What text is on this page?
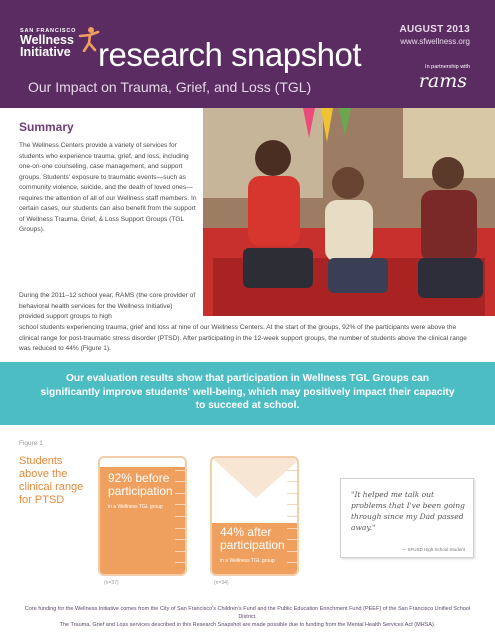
SAN FRANCISCO
Wellness
Initiative research snapshot
Our Impact on Trauma, Grief, and Loss (TGL)
AUGUST 2013
www.sfwellness.org
In partnership with
rams
Summary
The Wellness Centers provide a variety of services for students who experience trauma, grief, and loss, including one-on-one counseling, case management, and support groups. Students' exposure to traumatic events—such as community violence, suicide, and the death of loved ones—requires the attention of all of our Wellness staff members. In certain cases, our students can also benefit from the support of Wellness Trauma, Grief, & Loss Support Groups (TGL Groups).
During the 2011–12 school year, RAMS (the core provider of behavioral health services for the Wellness Initiative) provided support groups to high
school students experiencing trauma, grief and loss at nine of our Wellness Centers. At the start of the groups, 92% of the participants were above the clinical range for post-traumatic stress disorder (PTSD). After participating in the 12-week support groups, the number of students above the clinical range was reduced to 44% (Figure 1).
Our evaluation results show that participation in Wellness TGL Groups can significantly improve students' well-being, which may positively impact their capacity to succeed at school.
Figure 1
Students above the clinical range for PTSD
92% before participation
in a Wellness TGL group
(n=37)
44% after participation
in a Wellness TGL group
(n=34)
"It helped me talk out problems that I've been going through since my Dad passed away."
— SFUSD High School Student
Core funding for the Wellness Initiative comes from the City of San Francisco's Children's Fund and the Public Education Enrichment Fund (PEEF) of the San Francisco Unified School District.
The Trauma, Grief and Loss services described in this Research Snapshot are made possible due to funding from the Mental Health Services Act (MHSA).
